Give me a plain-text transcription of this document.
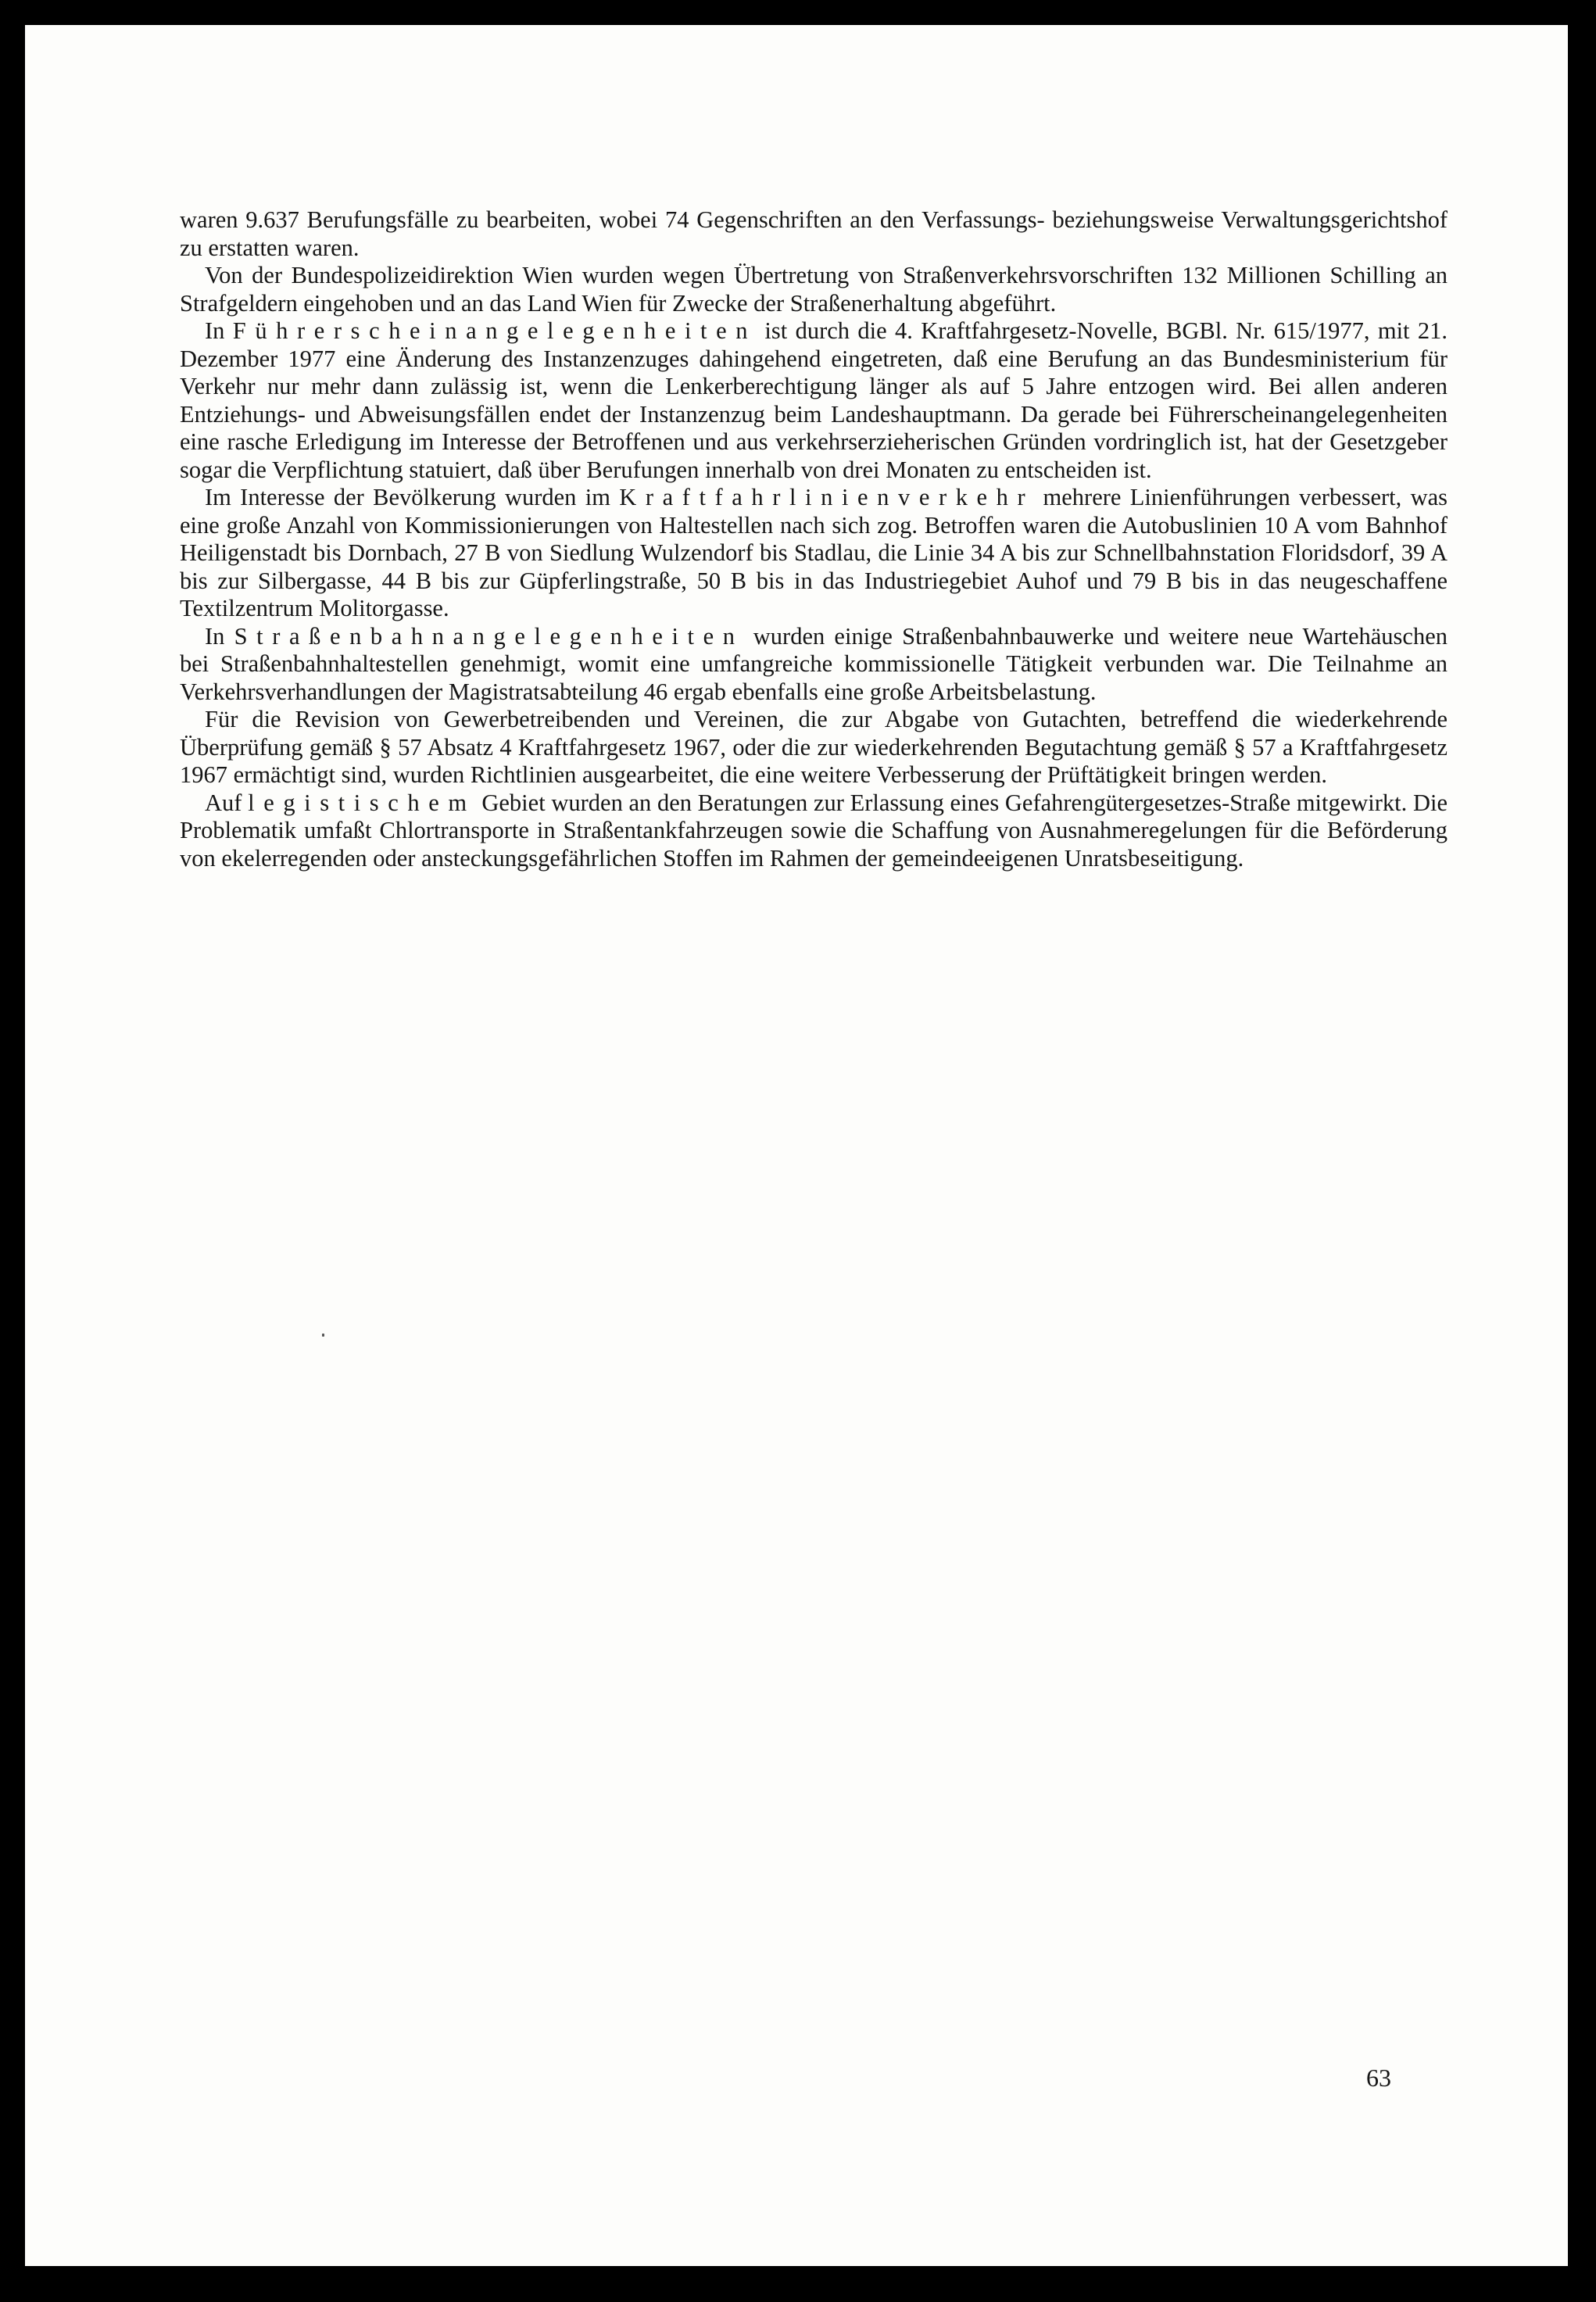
waren 9.637 Berufungsfälle zu bearbeiten, wobei 74 Gegenschriften an den Verfassungs- beziehungsweise Verwaltungsgerichtshof zu erstatten waren.

Von der Bundespolizeidirektion Wien wurden wegen Übertretung von Straßenverkehrsvorschriften 132 Millionen Schilling an Strafgeldern eingehoben und an das Land Wien für Zwecke der Straßenerhaltung abgeführt.

In Führerscheinangelegenheiten ist durch die 4. Kraftfahrgesetz-Novelle, BGBl. Nr. 615/1977, mit 21. Dezember 1977 eine Änderung des Instanzenzuges dahingehend eingetreten, daß eine Berufung an das Bundesministerium für Verkehr nur mehr dann zulässig ist, wenn die Lenkerberechtigung länger als auf 5 Jahre entzogen wird. Bei allen anderen Entziehungs- und Abweisungsfällen endet der Instanzenzug beim Landeshauptmann. Da gerade bei Führerscheinangelegenheiten eine rasche Erledigung im Interesse der Betroffenen und aus verkehrserzieherischen Gründen vordringlich ist, hat der Gesetzgeber sogar die Verpflichtung statuiert, daß über Berufungen innerhalb von drei Monaten zu entscheiden ist.

Im Interesse der Bevölkerung wurden im Kraftfahrlinienverkehr mehrere Linienführungen verbessert, was eine große Anzahl von Kommissionierungen von Haltestellen nach sich zog. Betroffen waren die Autobuslinien 10 A vom Bahnhof Heiligenstadt bis Dornbach, 27 B von Siedlung Wulzendorf bis Stadlau, die Linie 34 A bis zur Schnellbahnstation Floridsdorf, 39 A bis zur Silbergasse, 44 B bis zur Güpferlingstraße, 50 B bis in das Industriegebiet Auhof und 79 B bis in das neugeschaffene Textilzentrum Molitorgasse.

In Straßenbahnangelegenheiten wurden einige Straßenbahnbauwerke und weitere neue Wartehäuschen bei Straßenbahnhaltestellen genehmigt, womit eine umfangreiche kommissionelle Tätigkeit verbunden war. Die Teilnahme an Verkehrsverhandlungen der Magistratsabteilung 46 ergab ebenfalls eine große Arbeitsbelastung.

Für die Revision von Gewerbetreibenden und Vereinen, die zur Abgabe von Gutachten, betreffend die wiederkehrende Überprüfung gemäß § 57 Absatz 4 Kraftfahrgesetz 1967, oder die zur wiederkehrenden Begutachtung gemäß § 57 a Kraftfahrgesetz 1967 ermächtigt sind, wurden Richtlinien ausgearbeitet, die eine weitere Verbesserung der Prüftätigkeit bringen werden.

Auf legistischem Gebiet wurden an den Beratungen zur Erlassung eines Gefahrengütergesetzes-Straße mitgewirkt. Die Problematik umfaßt Chlortransporte in Straßentankfahrzeugen sowie die Schaffung von Ausnahmeregelungen für die Beförderung von ekelerregenden oder ansteckungsgefährlichen Stoffen im Rahmen der gemeindeeigenen Unratsbeseitigung.

63
